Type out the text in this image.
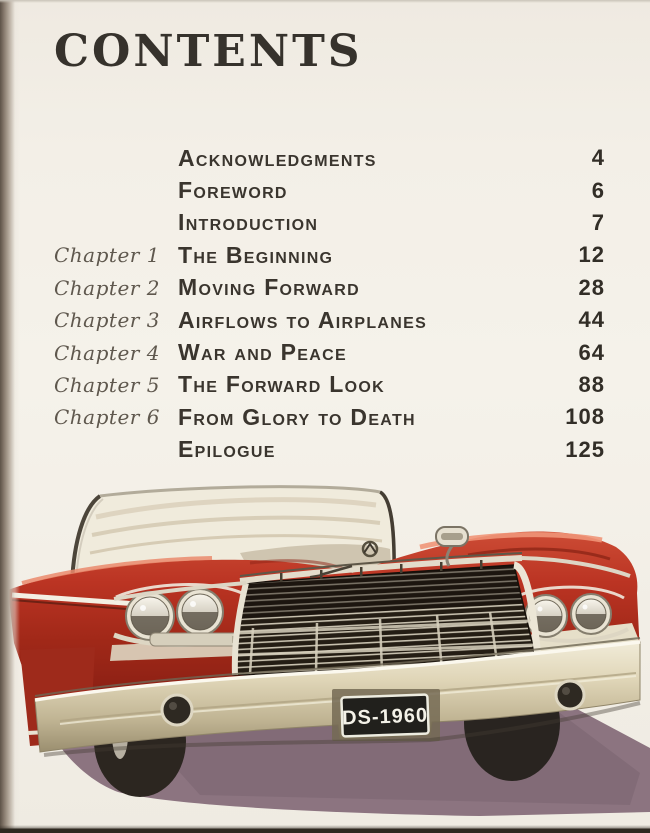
CONTENTS
Acknowledgments	4
Foreword	6
Introduction	7
Chapter 1 The Beginning	12
Chapter 2 Moving Forward	28
Chapter 3 Airflows to Airplanes	44
Chapter 4 War and Peace	64
Chapter 5 The Forward Look	88
Chapter 6 From Glory to Death	108
Epilogue	125
DS-1960
